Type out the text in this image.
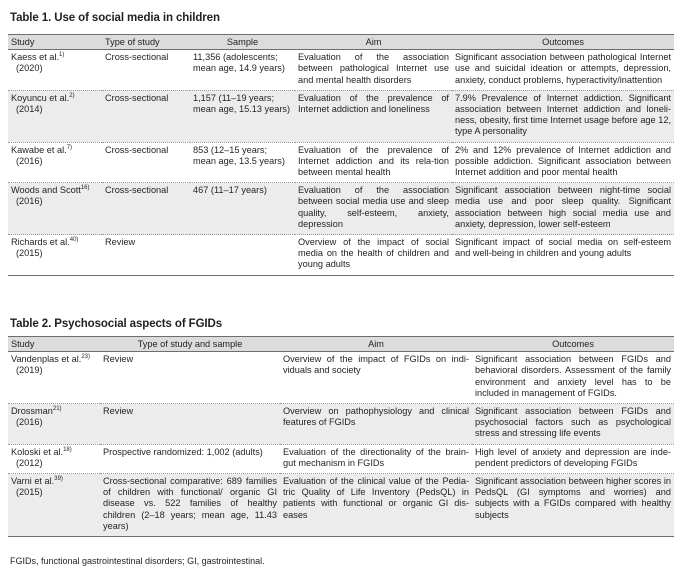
Table 1. Use of social media in children
Study	Type of study	Sample	Aim	Outcomes
Kaess et al.$^{1)}$
(2020)	Cross-sectional	11,356 (adolescents; mean age, 14.9 years)	Evaluation of the association between pathological Internet use and mental health disorders	Significant association between pathological Internet use and suicidal ideation or attempts, depression, anxiety, conduct problems, hyperactivity/inattention
Koyuncu et al.$^{2)}$
(2014)	Cross-sectional	1,157 (11–19 years; mean age, 15.13 years)	Evaluation of the prevalence of Internet addiction and loneliness	7.9% Prevalence of Internet addiction. Significant association between Internet addiction and loneli-ness, obesity, first time Internet usage before age 12, type A personality
Kawabe et al.$^{7)}$
(2016)	Cross-sectional	853 (12–15 years; mean age, 13.5 years)	Evaluation of the prevalence of Internet addiction and its rela-tion between mental health	2% and 12% prevalence of Internet addiction and possible addiction. Significant association between Internet addition and poor mental health
Woods and Scott$^{16)}$
(2016)	Cross-sectional	467 (11–17 years)	Evaluation of the association between social media use and sleep quality, self-esteem, anxiety, depression	Significant association between night-time social media use and poor sleep quality. Significant association between high social media use and anxiety, depression, lower self-esteem
Richards et al.$^{40)}$
(2015)	Review		Overview of the impact of social media on the health of children and young adults	Significant impact of social media on self-esteem and well-being in children and young adults
Table 2. Psychosocial aspects of FGIDs
Study	Type of study and sample	Aim	Outcomes
Vandenplas et al.$^{23)}$
(2019)	Review	Overview of the impact of FGIDs on indi-viduals and society	Significant association between FGIDs and behavioral disorders. Assessment of the family environment and anxiety level has to be included in management of FGIDs.
Drossman$^{21)}$
(2016)	Review	Overview on pathophysiology and clinical features of FGIDs	Significant association between FGIDs and psychosocial factors such as psychological stress and stressing life events
Koloski et al.$^{18)}$
(2012)	Prospective randomized: 1,002 (adults)	Evaluation of the directionality of the brain-gut mechanism in FGIDs	High level of anxiety and depression are inde-pendent predictors of developing FGIDs
Varni et al.$^{39)}$
(2015)	Cross-sectional comparative: 689 families of children with functional/ organic GI disease vs. 522 families of healthy children (2–18 years; mean age, 11.43 years)	Evaluation of the clinical value of the Pedia-tric Quality of Life Inventory (PedsQL) in patients with functional or organic GI dis-eases	Significant association between higher scores in PedsQL (GI symptoms and worries) and subjects with a FGIDs compared with healthy subjects
FGIDs, functional gastrointestinal disorders; GI, gastrointestinal.
